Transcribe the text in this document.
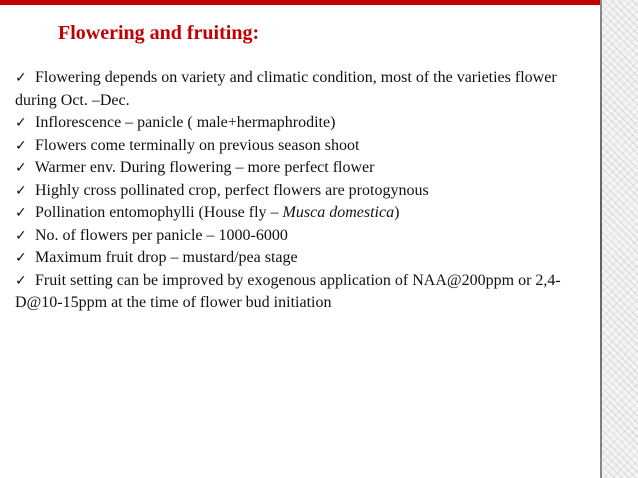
Flowering and fruiting:
✓ Flowering depends on variety and climatic condition, most of the varieties flower
during Oct. –Dec.
✓ Inflorescence – panicle ( male+hermaphrodite)
✓ Flowers come terminally on previous season shoot
✓ Warmer env. During flowering – more perfect flower
✓ Highly cross pollinated crop, perfect flowers are protogynous
✓ Pollination entomophylli (House fly – Musca domestica)
✓ No. of flowers per panicle – 1000-6000
✓ Maximum fruit drop – mustard/pea stage
✓ Fruit setting can be improved by exogenous application of NAA@200ppm or 2,4-
D@10-15ppm at the time of flower bud initiation
